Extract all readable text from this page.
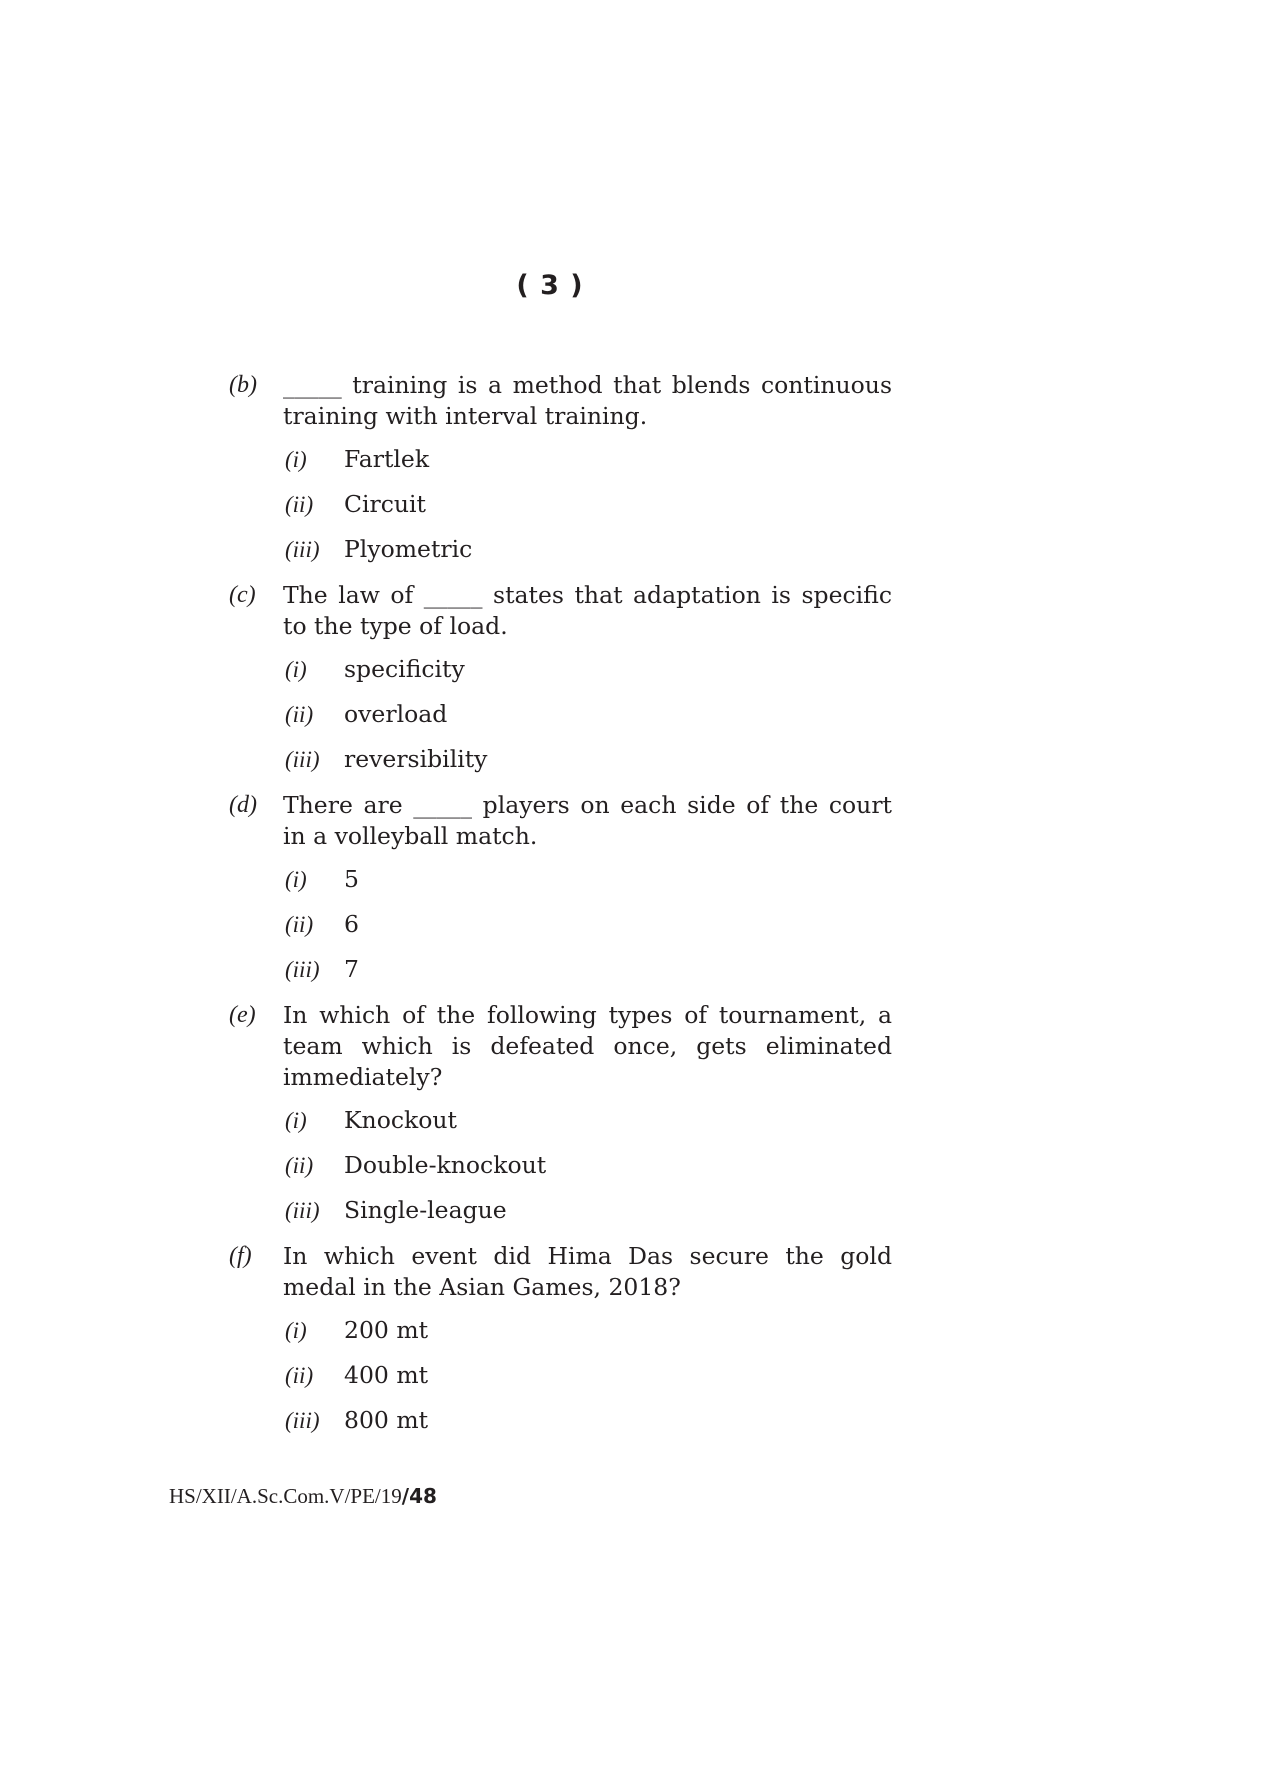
( 3 )
(b) _____ training is a method that blends continuous training with interval training.
(i) Fartlek
(ii) Circuit
(iii) Plyometric
(c) The law of _____ states that adaptation is specific to the type of load.
(i) specificity
(ii) overload
(iii) reversibility
(d) There are _____ players on each side of the court in a volleyball match.
(i) 5
(ii) 6
(iii) 7
(e) In which of the following types of tournament, a team which is defeated once, gets eliminated immediately?
(i) Knockout
(ii) Double-knockout
(iii) Single-league
(f) In which event did Hima Das secure the gold medal in the Asian Games, 2018?
(i) 200 mt
(ii) 400 mt
(iii) 800 mt
HS/XII/A.Sc.Com.V/PE/19/48
